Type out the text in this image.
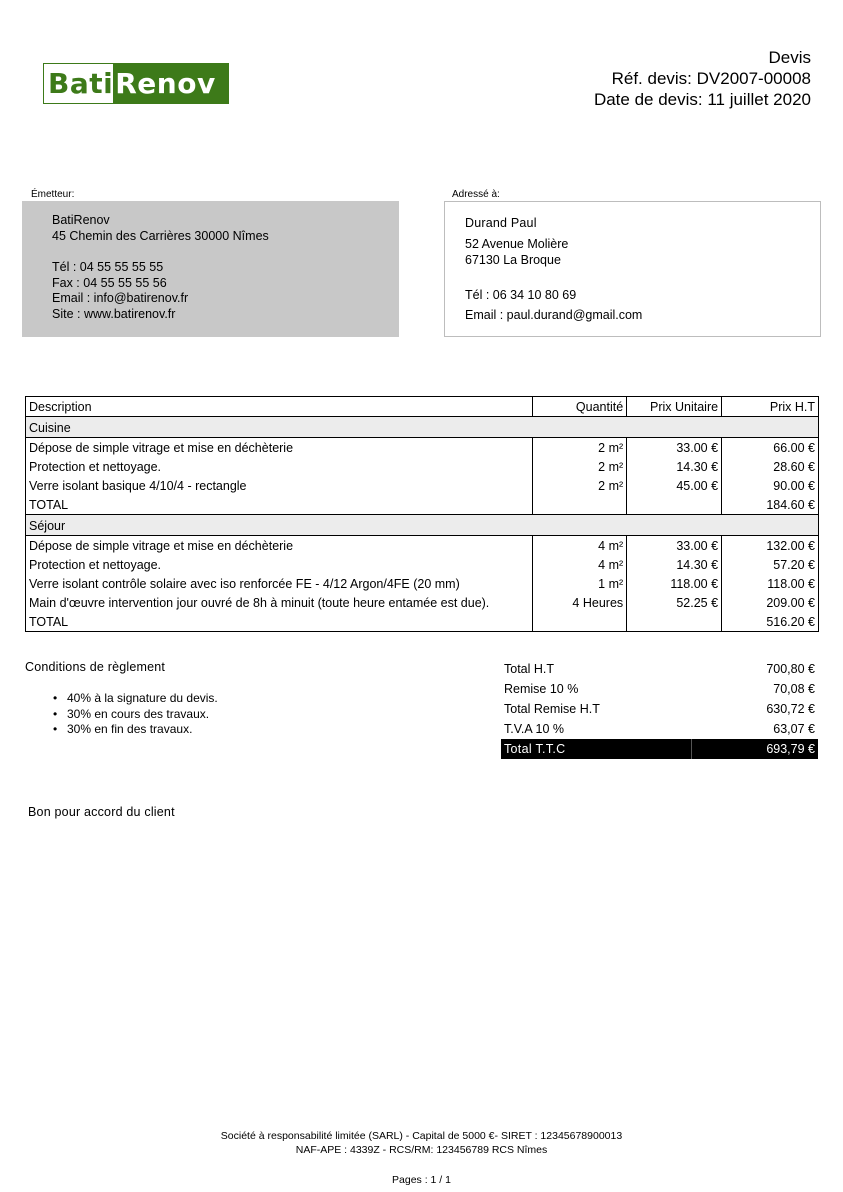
Bati Renov
Devis
Réf. devis: DV2007-00008
Date de devis: 11 juillet 2020
Émetteur:
BatiRenov
45 Chemin des Carrières 30000 Nîmes
Tél : 04 55 55 55 55
Fax : 04 55 55 55 56
Email : info@batirenov.fr
Site : www.batirenov.fr
Adressé à:
Durand Paul
52 Avenue Molière
67130 La Broque
Tél : 06 34 10 80 69
Email : paul.durand@gmail.com
Description	Quantité	Prix Unitaire	Prix H.T
Cuisine			
Dépose de simple vitrage et mise en déchèterie	2 m²	33.00 €	66.00 €
Protection et nettoyage.	2 m²	14.30 €	28.60 €
Verre isolant basique 4/10/4 - rectangle	2 m²	45.00 €	90.00 €
TOTAL			184.60 €
Séjour			
Dépose de simple vitrage et mise en déchèterie	4 m²	33.00 €	132.00 €
Protection et nettoyage.	4 m²	14.30 €	57.20 €
Verre isolant contrôle solaire avec iso renforcée FE - 4/12 Argon/4FE (20 mm)	1 m²	118.00 €	118.00 €
Main d'œuvre intervention jour ouvré de 8h à minuit (toute heure entamée est due).	4 Heures	52.25 €	209.00 €
TOTAL			516.20 €
Conditions de règlement
• 40% à la signature du devis.
• 30% en cours des travaux.
• 30% en fin des travaux.
Total H.T	700,80 €
Remise 10 %	70,08 €
Total Remise H.T	630,72 €
T.V.A 10 %	63,07 €
Total T.T.C	693,79 €
Bon pour accord du client
Société à responsabilité limitée (SARL) - Capital de 5000 €- SIRET : 12345678900013
NAF-APE : 4339Z - RCS/RM: 123456789 RCS Nîmes
Pages : 1 / 1
